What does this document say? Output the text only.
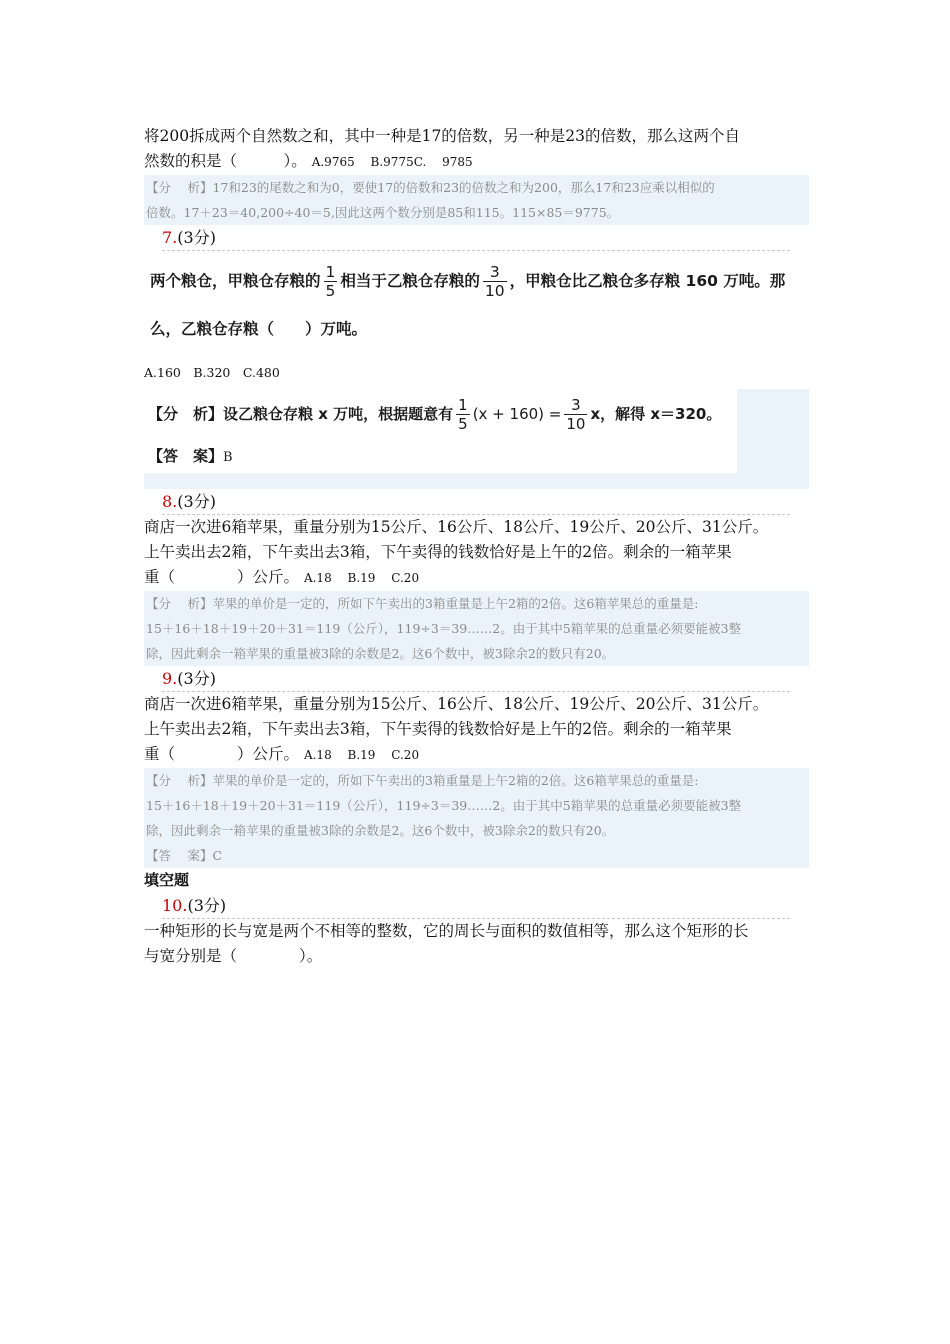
将200拆成两个自然数之和，其中一种是17的倍数，另一种是23的倍数，那么这两个自
然数的积是（　　　）。 A.9765　 B.9775C.　 9785

【分　 析】17和23的尾数之和为0，要使17的倍数和23的倍数之和为200，那么17和23应乘以相似的
倍数。17＋23＝40,200÷40＝5,因此这两个数分别是85和115。115×85＝9775。
7.(3分)
两个粮仓，甲粮仓存粮的 $\frac{1}{5}$ 相当于乙粮仓存粮的 $\frac{3}{10}$ ，甲粮仓比乙粮仓多存粮 160 万吨。那
么，乙粮仓存粮（　　）万吨。
A.160　B.320　C.480
【分　析】设乙粮仓存粮 x 万吨，根据题意有 $\frac{1}{5} (x + 160) = \frac{3}{10}$ x，解得 x＝320。
【答　案】B
8.(3分)

商店一次进6箱苹果，重量分别为15公斤、16公斤、18公斤、19公斤、20公斤、31公斤。
上午卖出去2箱，下午卖出去3箱，下午卖得的钱数恰好是上午的2倍。剩余的一箱苹果
重（　　　　）公斤。 A.18　 B.19　 C.20

【分　 析】苹果的单价是一定的，所如下午卖出的3箱重量是上午2箱的2倍。这6箱苹果总的重量是:
15＋16＋18＋19＋20＋31＝119（公斤），119÷3＝39……2。由于其中5箱苹果的总重量必须要能被3整
除，因此剩余一箱苹果的重量被3除的余数是2。这6个数中，被3除余2的数只有20。
9.(3分)

商店一次进6箱苹果，重量分别为15公斤、16公斤、18公斤、19公斤、20公斤、31公斤。
上午卖出去2箱，下午卖出去3箱，下午卖得的钱数恰好是上午的2倍。剩余的一箱苹果
重（　　　　）公斤。 A.18　 B.19　 C.20

【分　 析】苹果的单价是一定的，所如下午卖出的3箱重量是上午2箱的2倍。这6箱苹果总的重量是:
15＋16＋18＋19＋20＋31＝119（公斤），119÷3＝39……2。由于其中5箱苹果的总重量必须要能被3整
除，因此剩余一箱苹果的重量被3除的余数是2。这6个数中，被3除余2的数只有20。
【答　 案】C

填空题

10.(3分)

一种矩形的长与宽是两个不相等的整数，它的周长与面积的数值相等，那么这个矩形的长
与宽分别是（　　　　）。
